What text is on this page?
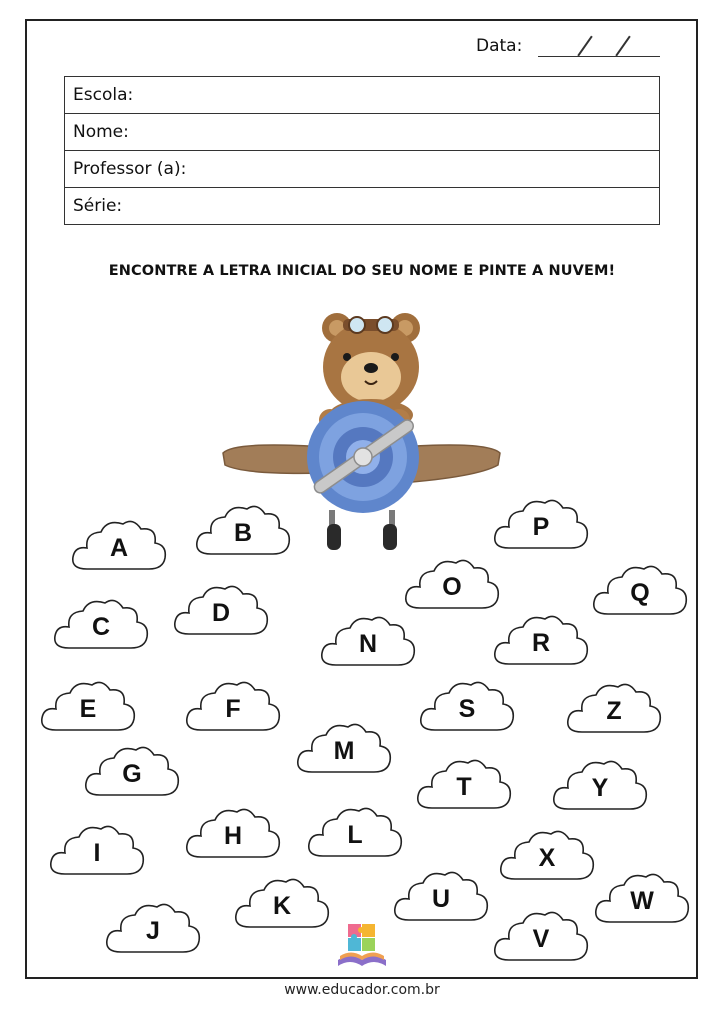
Data:
Escola:
Nome:
Professor (a):
Série:
ENCONTRE A LETRA INICIAL DO SEU NOME E PINTE A NUVEM!
A
B
C	D
E	F
G
H
I
J
K
L
M
N
O
P
Q
R
S
T
U
V
W
X
Y
Z
www.educador.com.br
